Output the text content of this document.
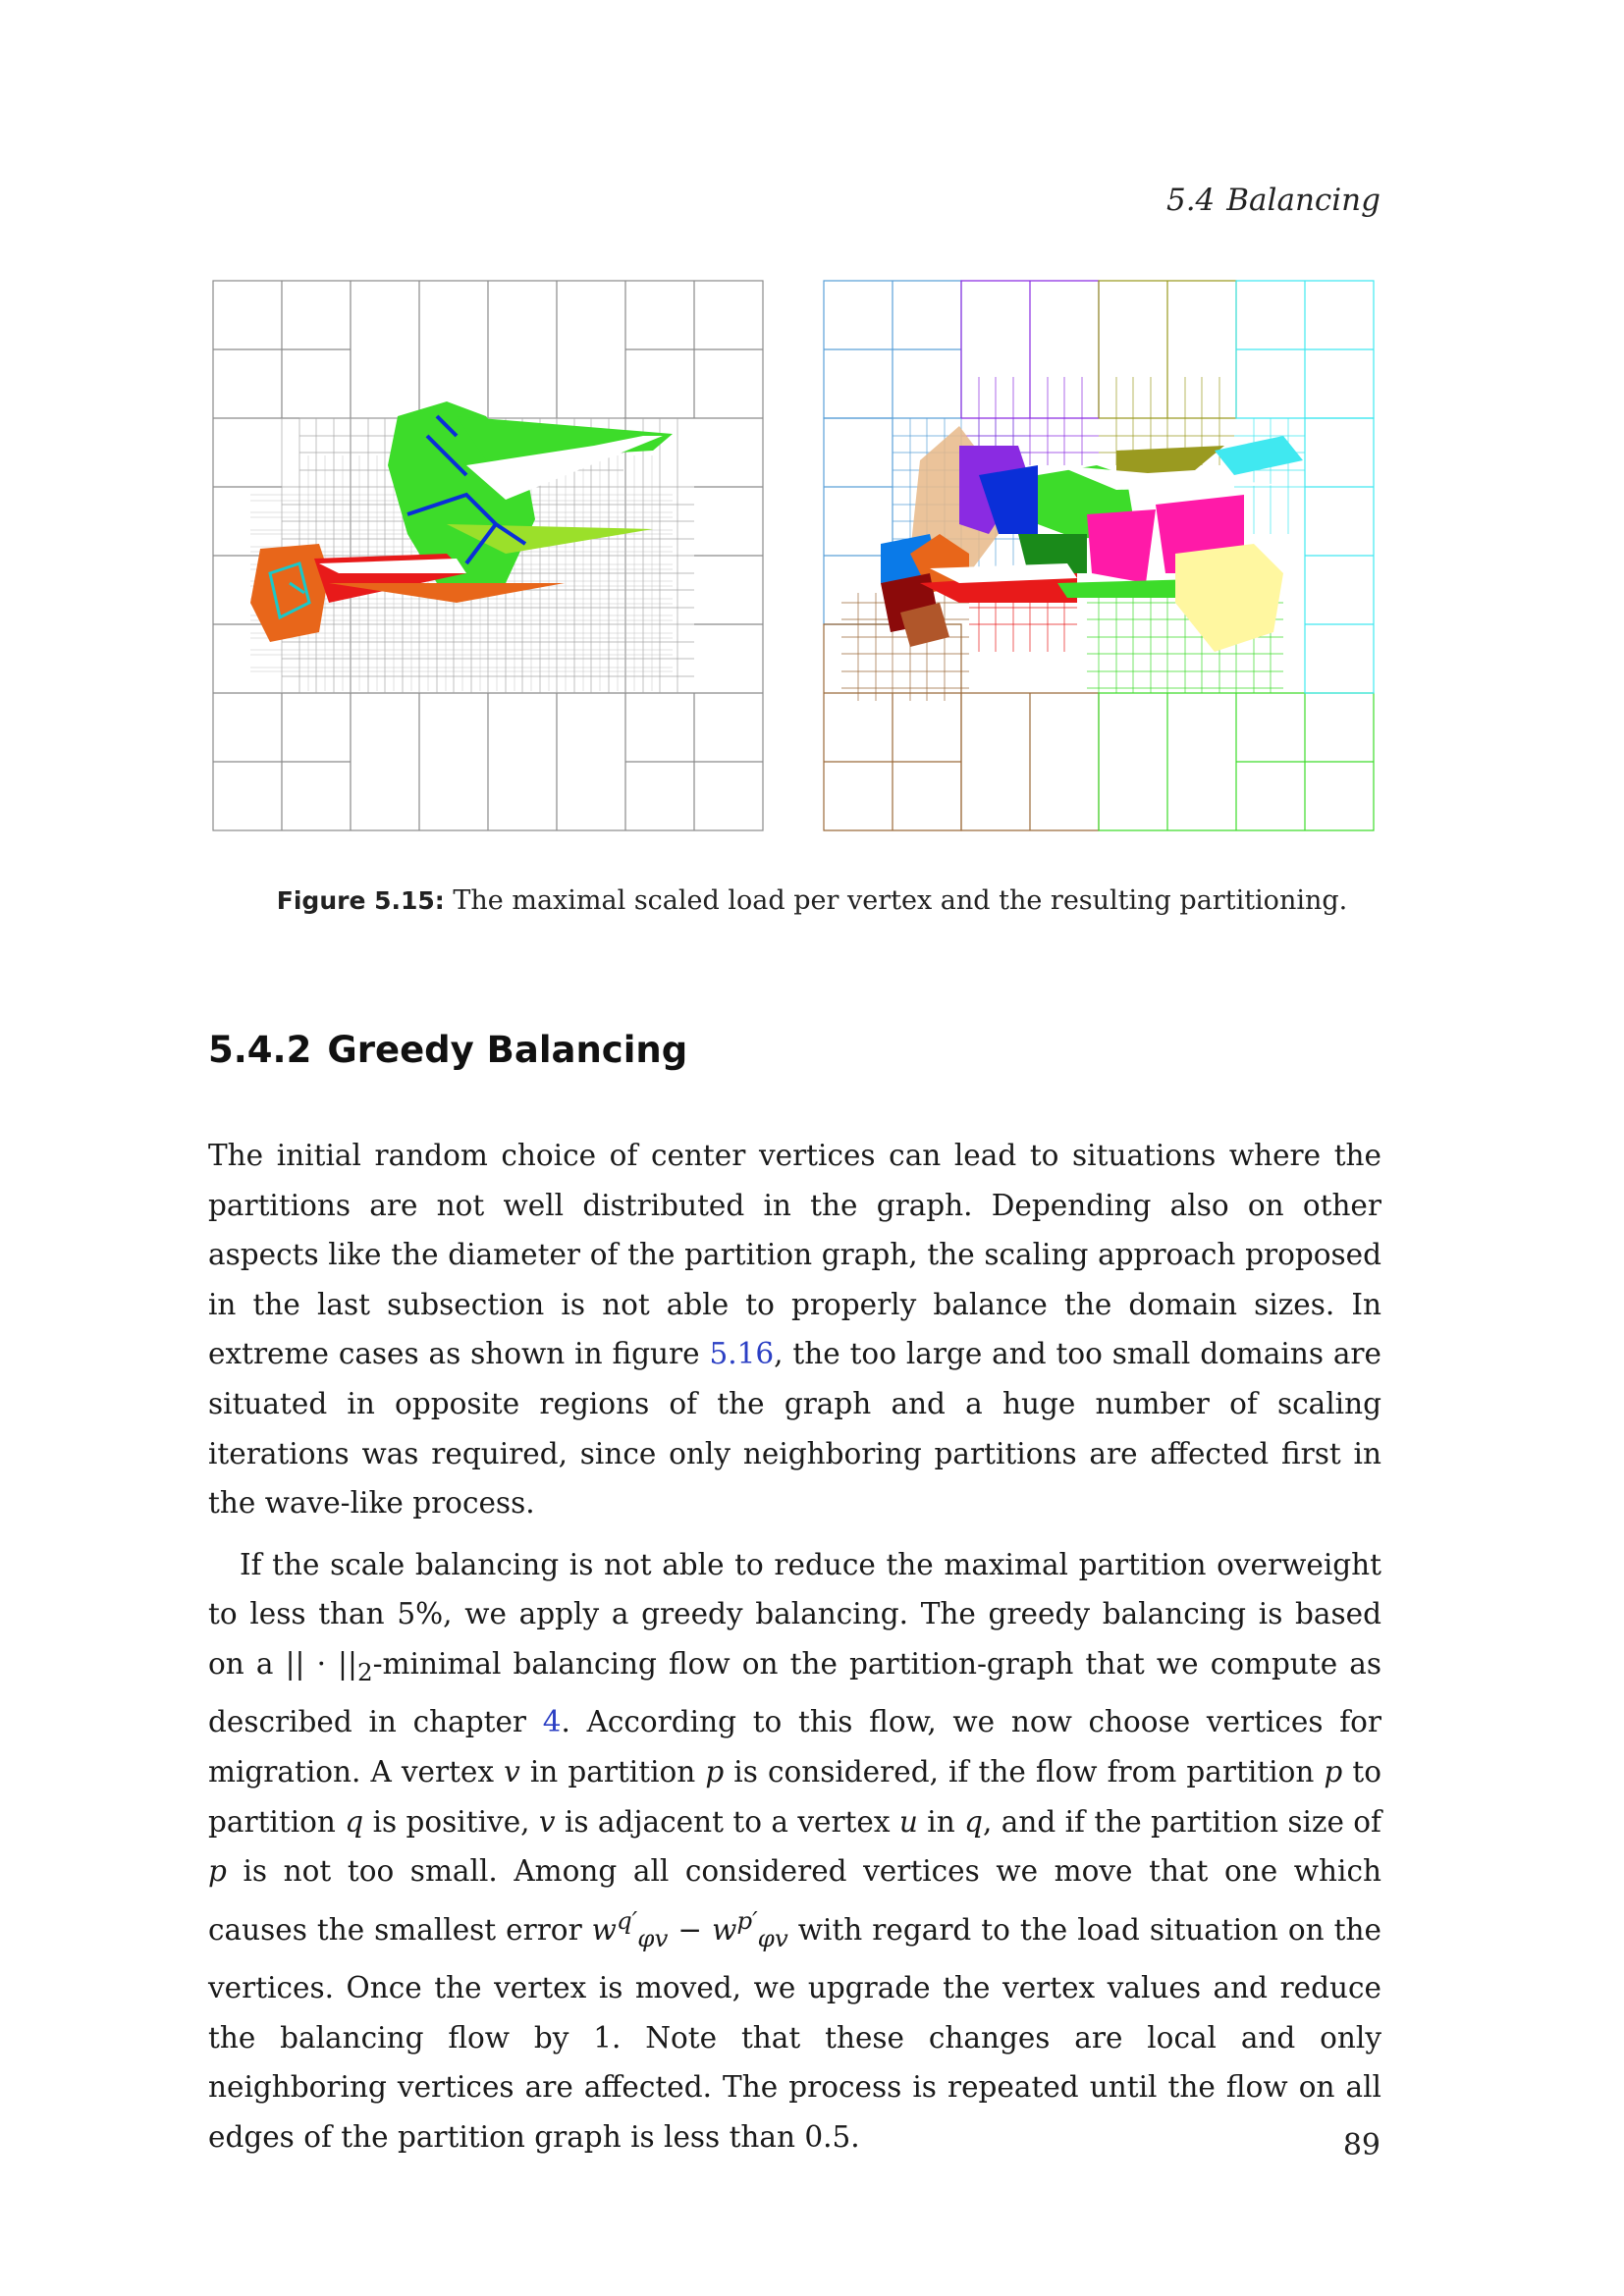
5.4 Balancing
Figure 5.15: The maximal scaled load per vertex and the resulting partitioning.
5.4.2 Greedy Balancing

The initial random choice of center vertices can lead to situations where the partitions are not well distributed in the graph. Depending also on other aspects like the diameter of the partition graph, the scaling approach proposed in the last subsection is not able to properly balance the domain sizes. In extreme cases as shown in figure 5.16, the too large and too small domains are situated in opposite regions of the graph and a huge number of scaling iterations was required, since only neighboring partitions are affected first in the wave-like process.

If the scale balancing is not able to reduce the maximal partition overweight to less than 5%, we apply a greedy balancing. The greedy balancing is based on a || · $||_2$-minimal balancing flow on the partition-graph that we compute as described in chapter 4. According to this flow, we now choose vertices for migration. A vertex v in partition p is considered, if the flow from partition p to partition q is positive, v is adjacent to a vertex u in q, and if the partition size of p is not too small. Among all considered vertices we move that one which causes the smallest error $w^{q'}_{\varphi v} - w^{p'}_{\varphi v}$ with regard to the load situation on the vertices. Once the vertex is moved, we upgrade the vertex values and reduce the balancing flow by 1. Note that these changes are local and only neighboring vertices are affected. The process is repeated until the flow on all edges of the partition graph is less than 0.5.	89
